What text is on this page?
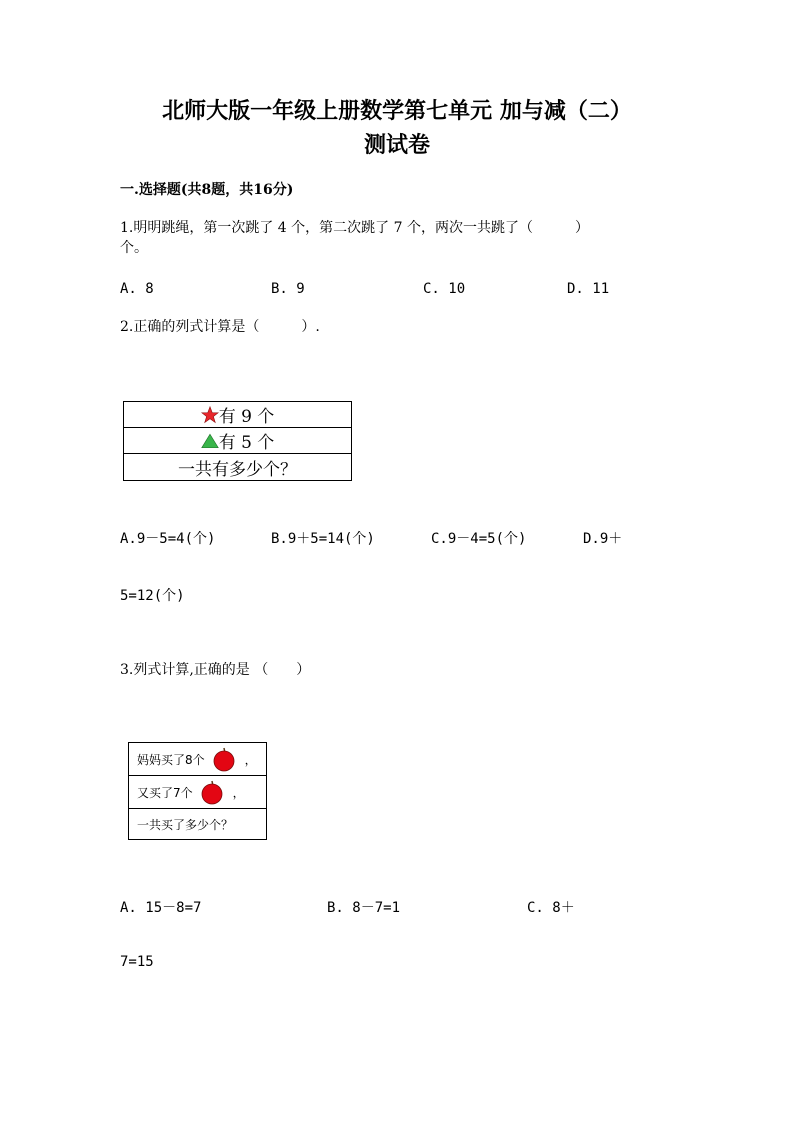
北师大版一年级上册数学第七单元 加与减（二）
测试卷
一.选择题(共8题，共16分)
1.明明跳绳，第一次跳了 4 个，第二次跳了 7 个，两次一共跳了（　　　）
个。
A. 8	B. 9	C. 10	D. 11
2.正确的列式计算是（　　　）.
有 9 个
有 5 个
一共有多少个？
A.9－5=4(个)	B.9＋5=14(个)	C.9－4=5(个)	D.9＋
5=12(个)
3.列式计算,正确的是 （　　）
妈妈买了8个	，
又买了7个	，
一共买了多少个？
A. 15－8=7	B. 8－7=1	C. 8＋
7=15
